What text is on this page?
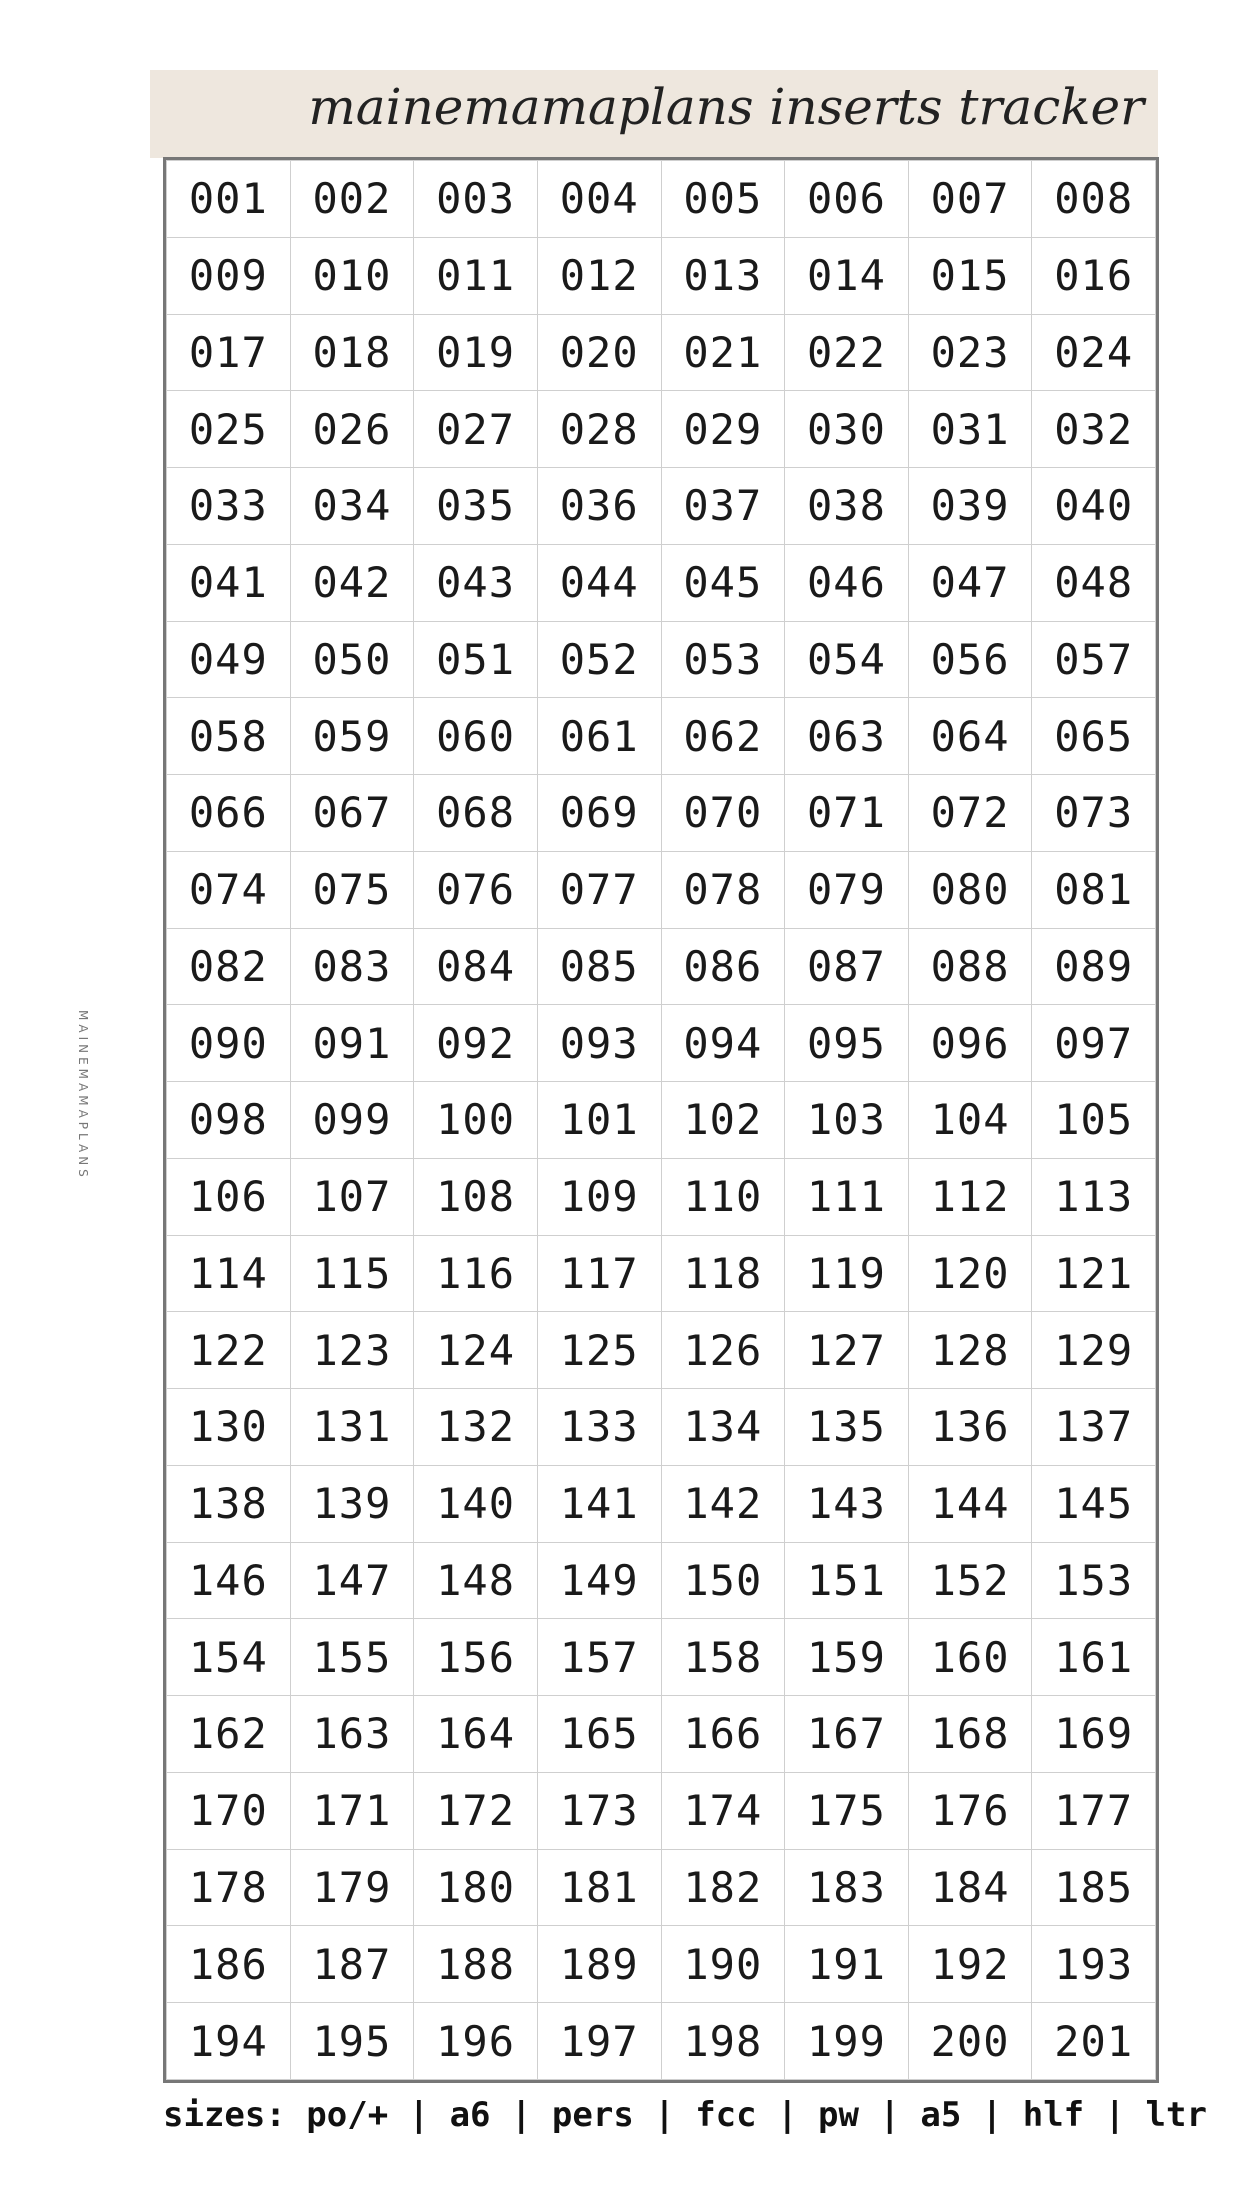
mainemamaplans inserts tracker
MAINEMAMAPLANS
001	002	003	004	005	006	007	008
009	010	011	012	013	014	015	016
017	018	019	020	021	022	023	024
025	026	027	028	029	030	031	032
033	034	035	036	037	038	039	040
041	042	043	044	045	046	047	048
049	050	051	052	053	054	056	057
058	059	060	061	062	063	064	065
066	067	068	069	070	071	072	073
074	075	076	077	078	079	080	081
082	083	084	085	086	087	088	089
090	091	092	093	094	095	096	097
098	099	100	101	102	103	104	105
106	107	108	109	110	111	112	113
114	115	116	117	118	119	120	121
122	123	124	125	126	127	128	129
130	131	132	133	134	135	136	137
138	139	140	141	142	143	144	145
146	147	148	149	150	151	152	153
154	155	156	157	158	159	160	161
162	163	164	165	166	167	168	169
170	171	172	173	174	175	176	177
178	179	180	181	182	183	184	185
186	187	188	189	190	191	192	193
194	195	196	197	198	199	200	201
sizes: po/+ | a6 | pers | fcc | pw | a5 | hlf | ltr
